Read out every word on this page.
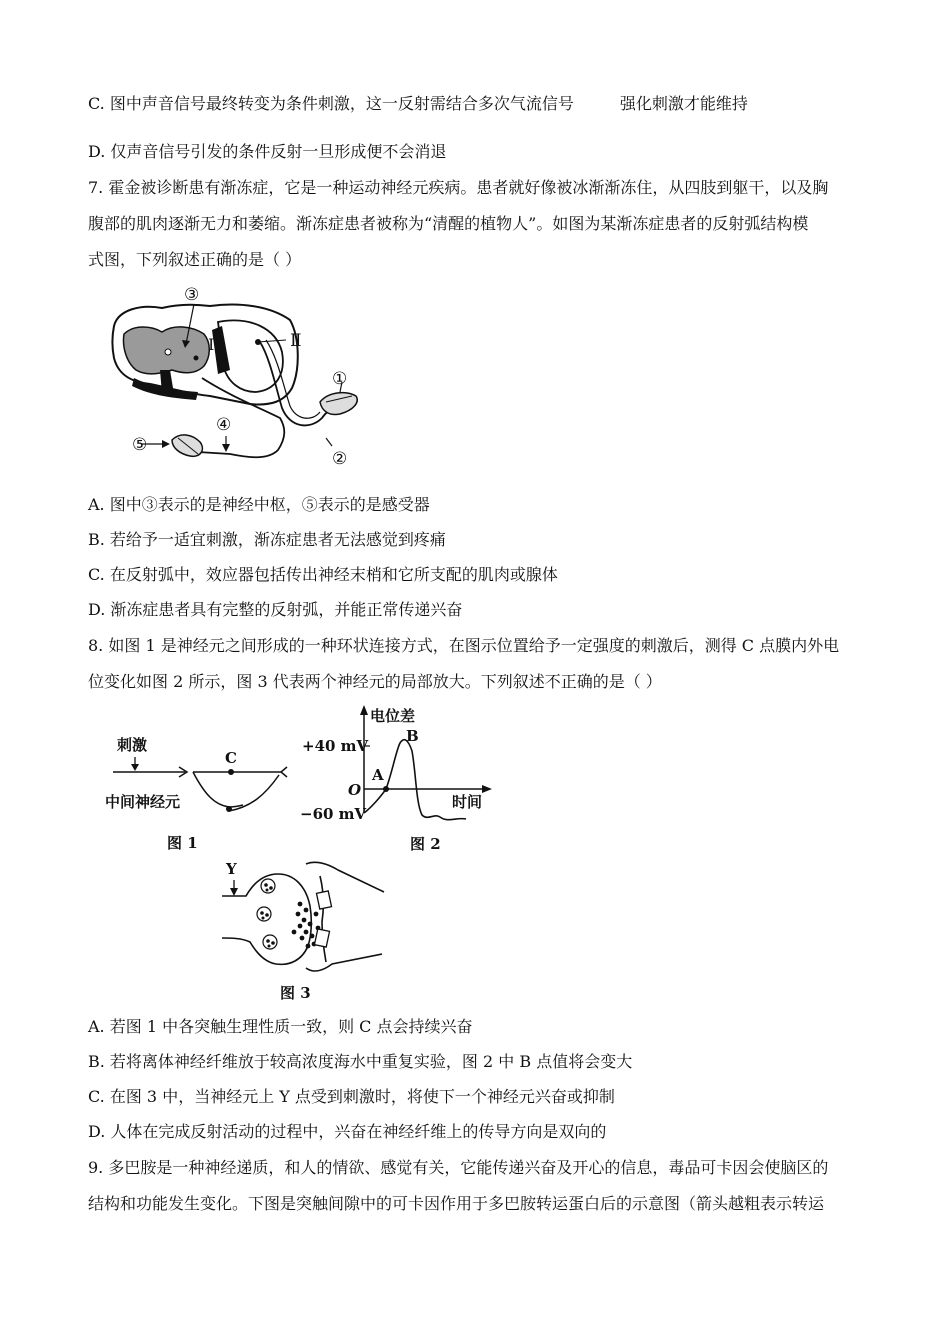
C. 图中声音信号最终转变为条件刺激，这一反射需结合多次气流信号	强化刺激才能维持
D. 仅声音信号引发的条件反射一旦形成便不会消退
7. 霍金被诊断患有渐冻症，它是一种运动神经元疾病。患者就好像被冰渐渐冻住，从四肢到躯干，以及胸
腹部的肌肉逐渐无力和萎缩。渐冻症患者被称为“清醒的植物人”。如图为某渐冻症患者的反射弧结构模
式图，下列叙述正确的是（ ）
③
I	Ⅱ
①
②
④
⑤
A. 图中③表示的是神经中枢，⑤表示的是感受器
B. 若给予一适宜刺激，渐冻症患者无法感觉到疼痛
C. 在反射弧中，效应器包括传出神经末梢和它所支配的肌肉或腺体
D. 渐冻症患者具有完整的反射弧，并能正常传递兴奋
8. 如图 1 是神经元之间形成的一种环状连接方式，在图示位置给予一定强度的刺激后，测得 C 点膜内外电
位变化如图 2 所示，图 3 代表两个神经元的局部放大。下列叙述不正确的是（ ）
刺激
C
中间神经元
图 1
电位差
时间
+40 mV
O
−60 mV
A
B
图 2
Y
图 3
A. 若图 1 中各突触生理性质一致，则 C 点会持续兴奋
B. 若将离体神经纤维放于较高浓度海水中重复实验，图 2 中 B 点值将会变大
C. 在图 3 中，当神经元上 Y 点受到刺激时，将使下一个神经元兴奋或抑制
D. 人体在完成反射活动的过程中，兴奋在神经纤维上的传导方向是双向的
9. 多巴胺是一种神经递质，和人的情欲、感觉有关，它能传递兴奋及开心的信息，毒品可卡因会使脑区的
结构和功能发生变化。下图是突触间隙中的可卡因作用于多巴胺转运蛋白后的示意图（箭头越粗表示转运
